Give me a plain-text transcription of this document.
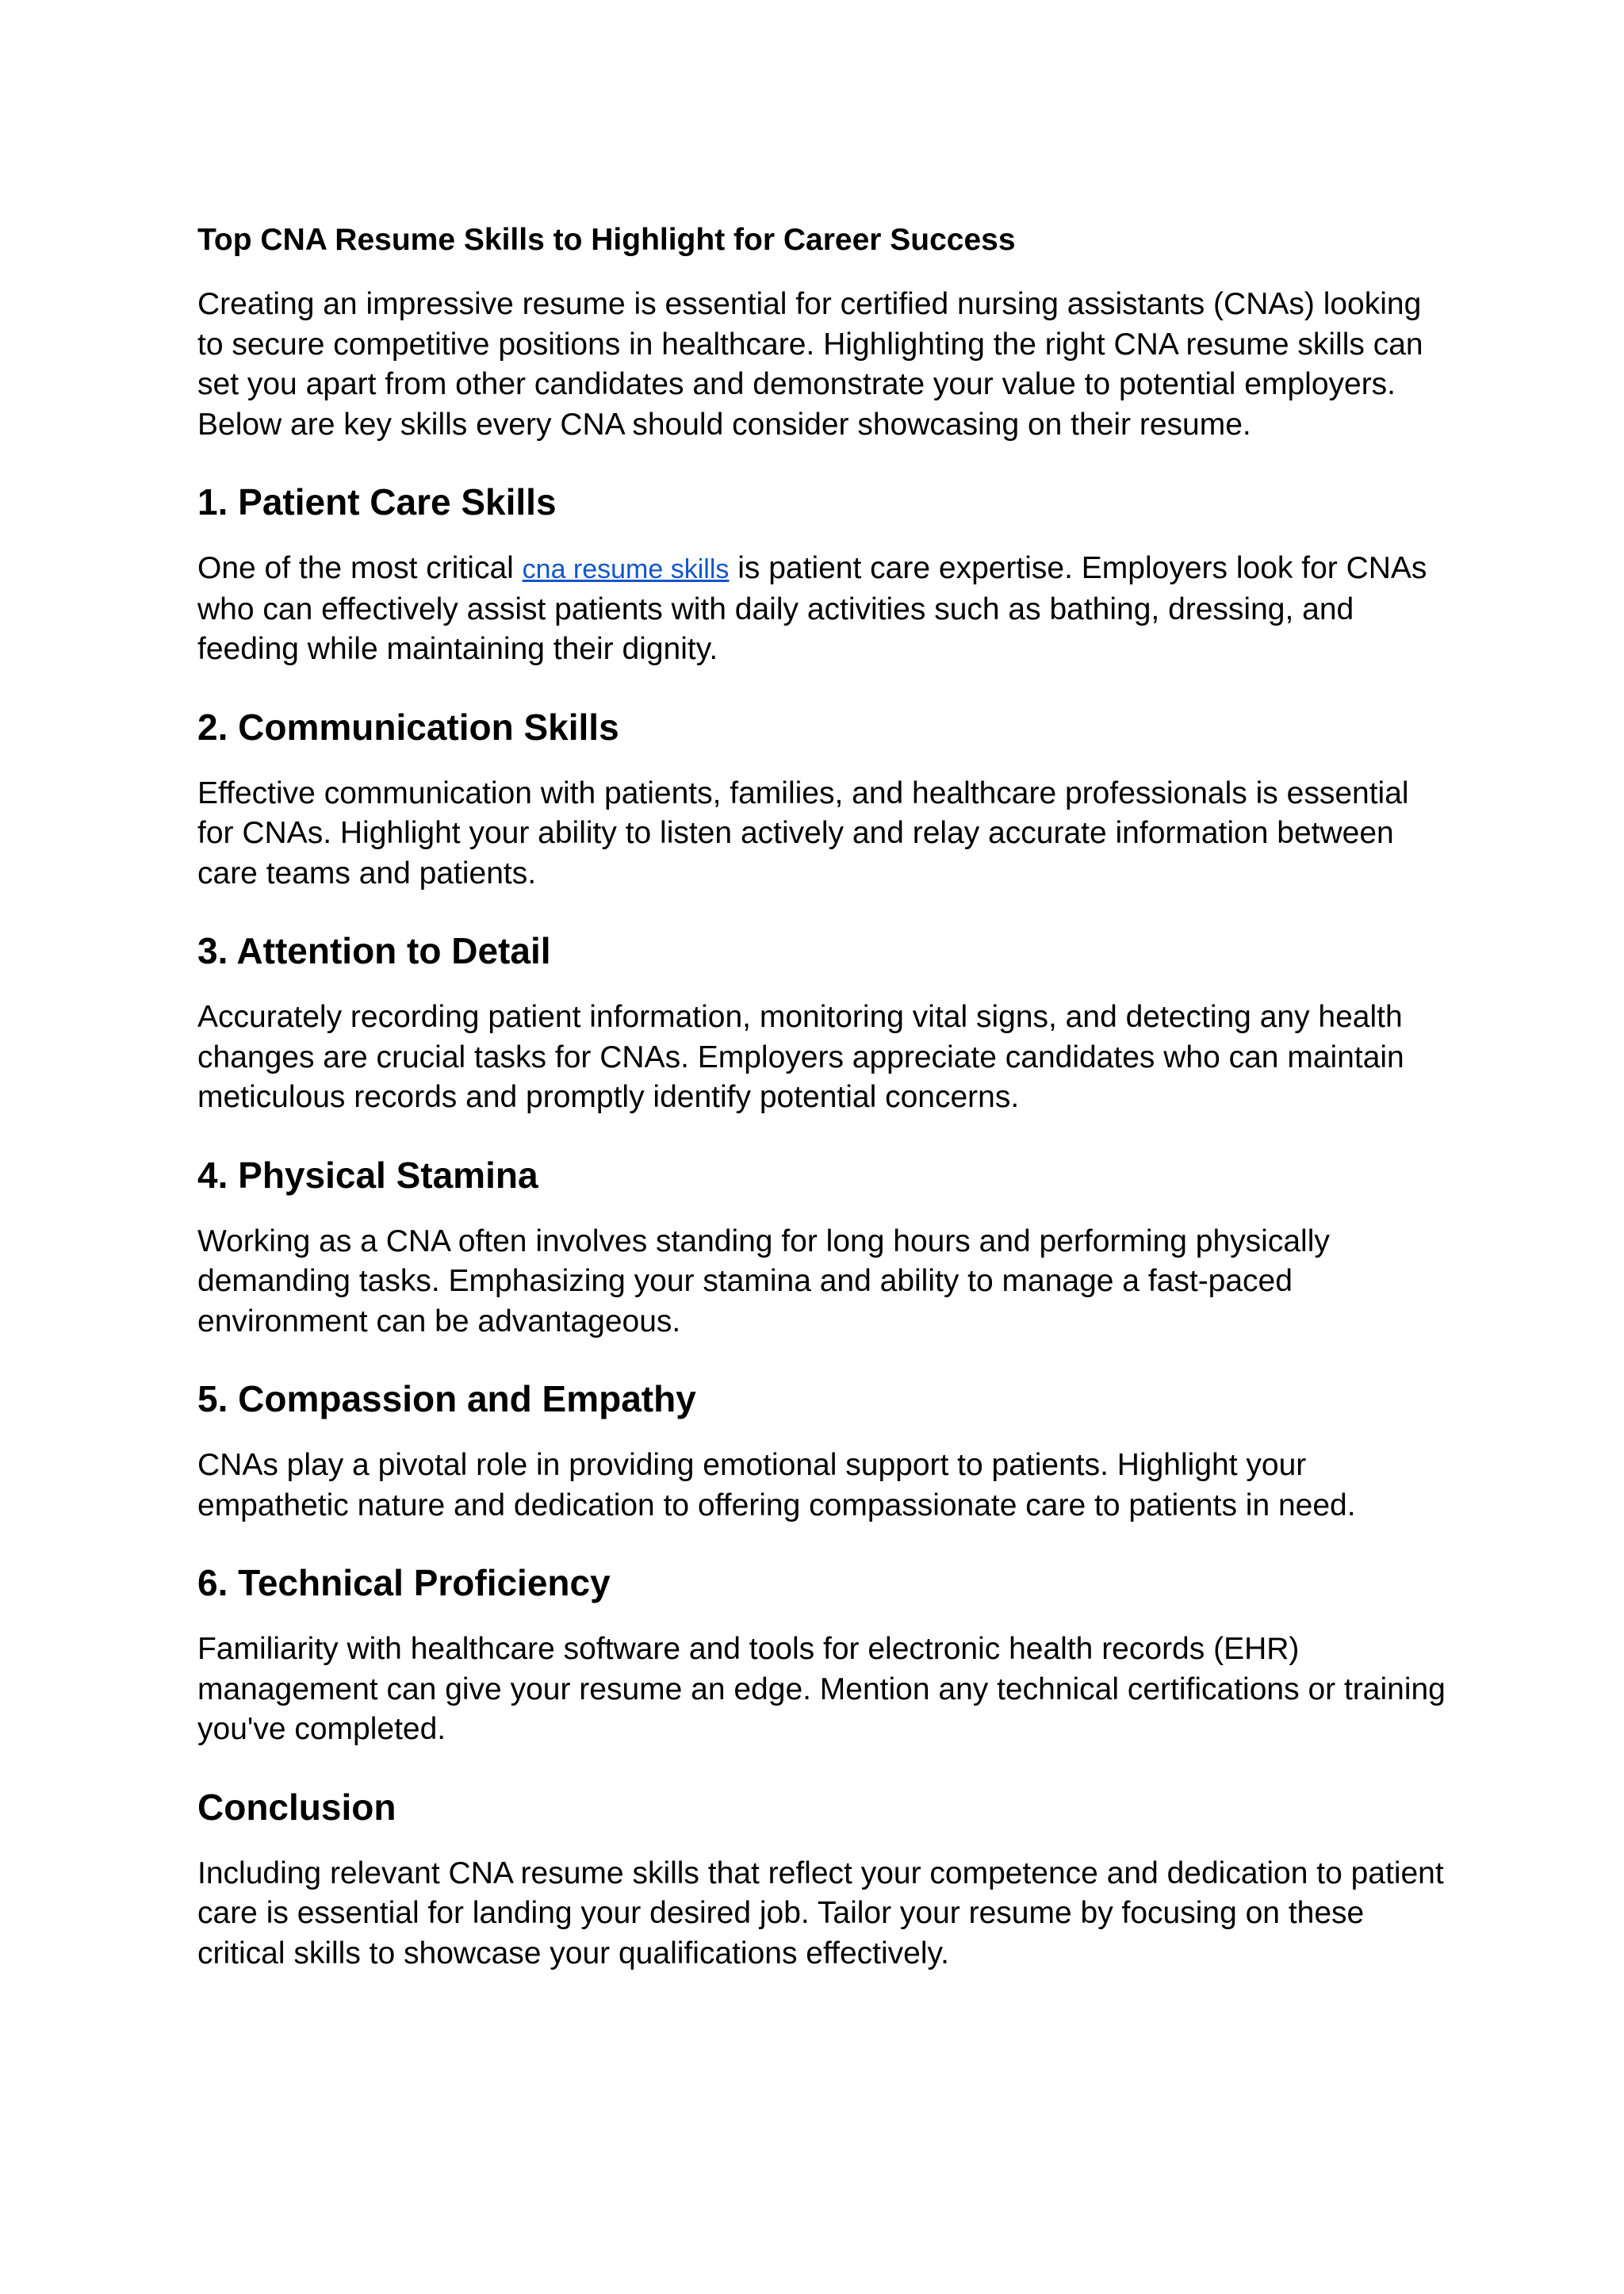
Top CNA Resume Skills to Highlight for Career Success

Creating an impressive resume is essential for certified nursing assistants (CNAs) looking to secure competitive positions in healthcare. Highlighting the right CNA resume skills can set you apart from other candidates and demonstrate your value to potential employers. Below are key skills every CNA should consider showcasing on their resume.

1. Patient Care Skills

One of the most critical cna resume skills is patient care expertise. Employers look for CNAs who can effectively assist patients with daily activities such as bathing, dressing, and feeding while maintaining their dignity.

2. Communication Skills

Effective communication with patients, families, and healthcare professionals is essential for CNAs. Highlight your ability to listen actively and relay accurate information between care teams and patients.

3. Attention to Detail

Accurately recording patient information, monitoring vital signs, and detecting any health changes are crucial tasks for CNAs. Employers appreciate candidates who can maintain meticulous records and promptly identify potential concerns.

4. Physical Stamina

Working as a CNA often involves standing for long hours and performing physically demanding tasks. Emphasizing your stamina and ability to manage a fast-paced environment can be advantageous.

5. Compassion and Empathy

CNAs play a pivotal role in providing emotional support to patients. Highlight your empathetic nature and dedication to offering compassionate care to patients in need.

6. Technical Proficiency

Familiarity with healthcare software and tools for electronic health records (EHR) management can give your resume an edge. Mention any technical certifications or training you've completed.

Conclusion

Including relevant CNA resume skills that reflect your competence and dedication to patient care is essential for landing your desired job. Tailor your resume by focusing on these critical skills to showcase your qualifications effectively.
